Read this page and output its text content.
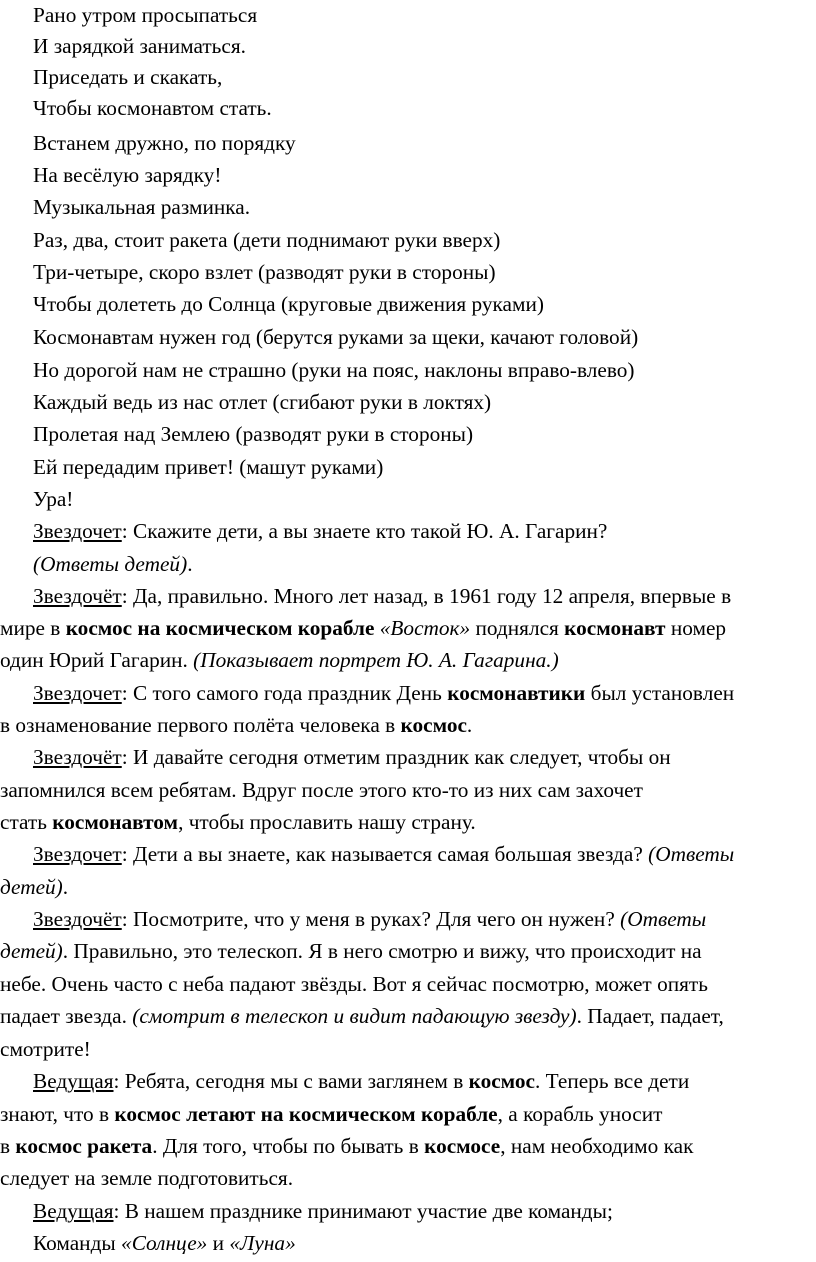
Рано утром просыпаться
И зарядкой заниматься.
Приседать и скакать,
Чтобы космонавтом стать.
Встанем дружно, по порядку
На весёлую зарядку!
Музыкальная разминка.
Раз, два, стоит ракета (дети поднимают руки вверх)
Три-четыре, скоро взлет (разводят руки в стороны)
Чтобы долететь до Солнца (круговые движения руками)
Космонавтам нужен год (берутся руками за щеки, качают головой)
Но дорогой нам не страшно (руки на пояс, наклоны вправо-влево)
Каждый ведь из нас отлет (сгибают руки в локтях)
Пролетая над Землею (разводят руки в стороны)
Ей передадим привет! (машут руками)
Ура!
Звездочет: Скажите дети, а вы знаете кто такой Ю. А. Гагарин?
(Ответы детей).
Звездочёт: Да, правильно. Много лет назад, в 1961 году 12 апреля, впервые в
мире в космос на космическом корабле «Восток» поднялся космонавт номер
один Юрий Гагарин. (Показывает портрет Ю. А. Гагарина.)
Звездочет: С того самого года праздник День космонавтики был установлен
в ознаменование первого полёта человека в космос.
Звездочёт: И давайте сегодня отметим праздник как следует, чтобы он
запомнился всем ребятам. Вдруг после этого кто-то из них сам захочет
стать космонавтом, чтобы прославить нашу страну.
Звездочет: Дети а вы знаете, как называется самая большая звезда? (Ответы
детей).
Звездочёт: Посмотрите, что у меня в руках? Для чего он нужен? (Ответы
детей). Правильно, это телескоп. Я в него смотрю и вижу, что происходит на
небе. Очень часто с неба падают звёзды. Вот я сейчас посмотрю, может опять
падает звезда. (смотрит в телескоп и видит падающую звезду). Падает, падает,
смотрите!
Ведущая: Ребята, сегодня мы с вами заглянем в космос. Теперь все дети
знают, что в космос летают на космическом корабле, а корабль уносит
в космос ракета. Для того, чтобы по бывать в космосе, нам необходимо как
следует на земле подготовиться.
Ведущая: В нашем празднике принимают участие две команды;
Команды «Солнце» и «Луна»
